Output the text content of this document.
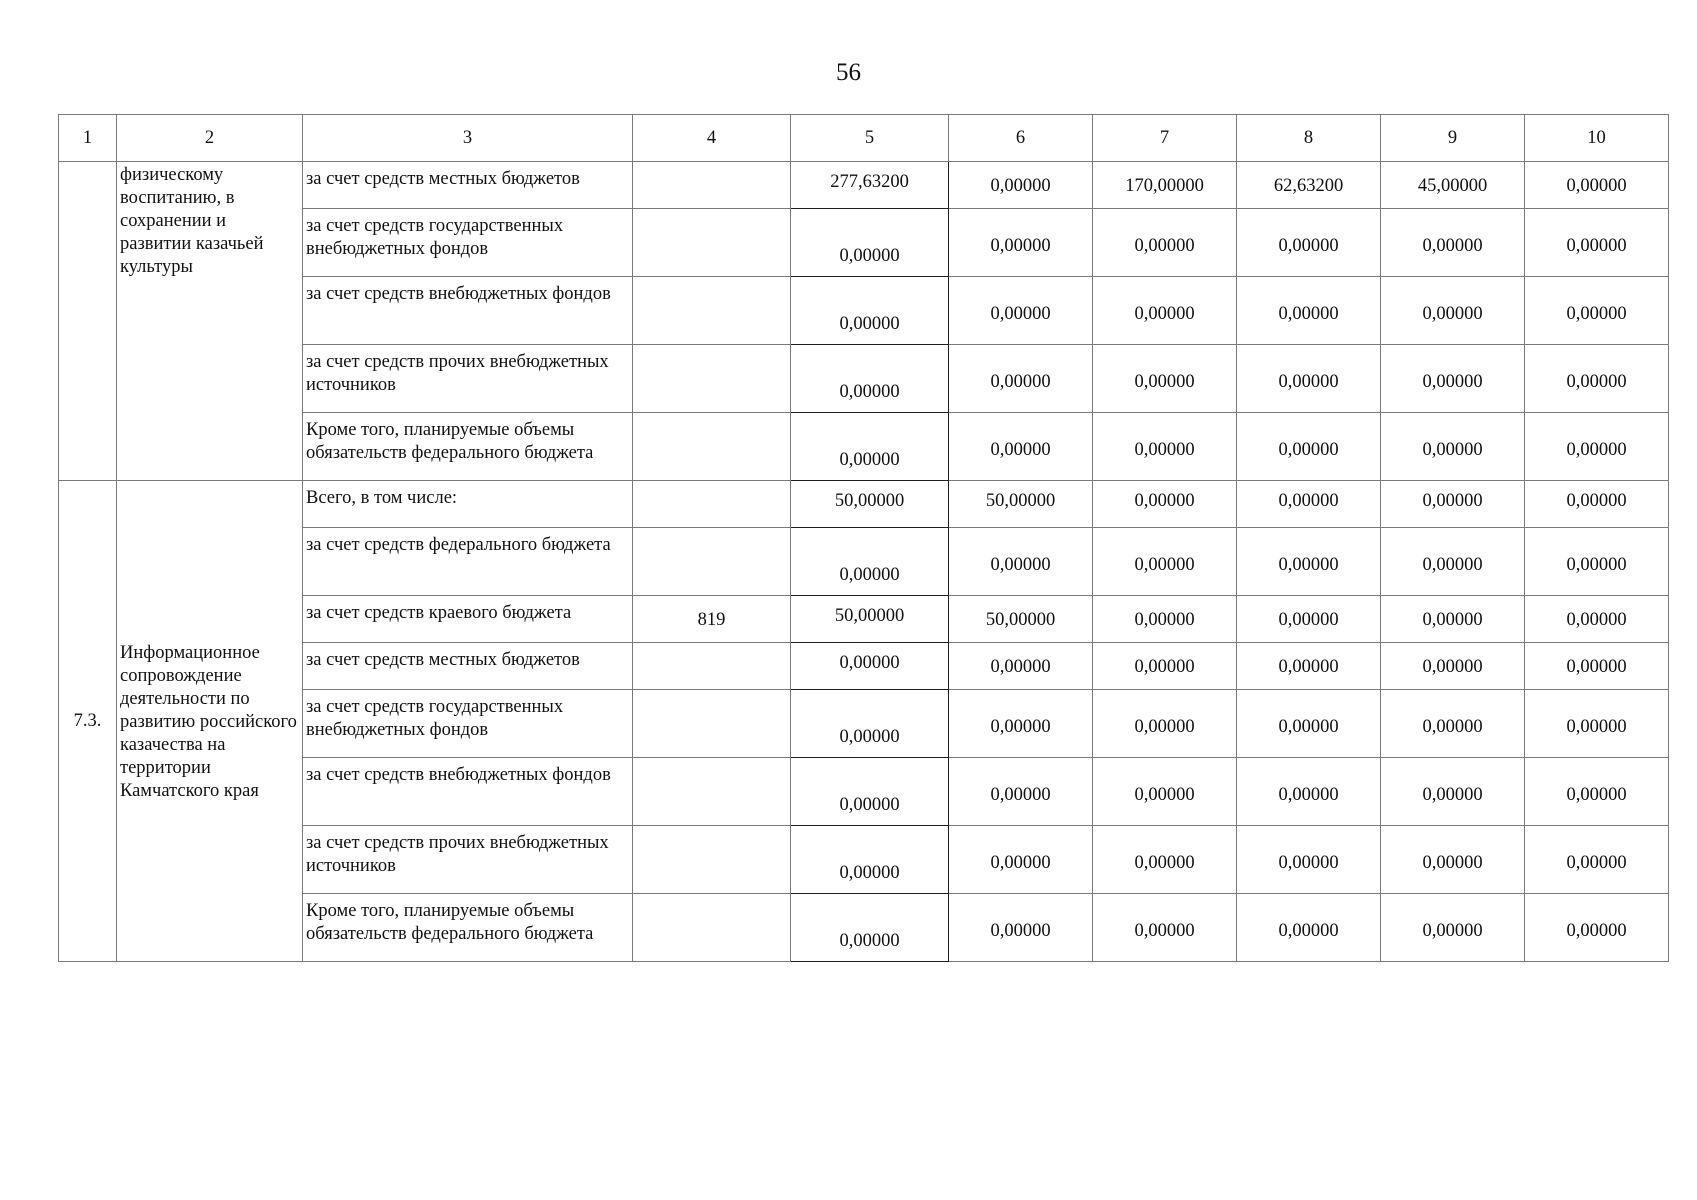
56
1	2	3	4	5	6	7	8	9	10
	физическому воспитанию, в сохранении и развитии казачьей культуры	за счет средств местных бюджетов		277,63200	0,00000	170,00000	62,63200	45,00000	0,00000
		за счет средств государственных внебюджетных фондов		0,00000	0,00000	0,00000	0,00000	0,00000	0,00000
		за счет средств внебюджетных фондов		0,00000	0,00000	0,00000	0,00000	0,00000	0,00000
		за счет средств прочих внебюджетных источников		0,00000	0,00000	0,00000	0,00000	0,00000	0,00000
		Кроме того, планируемые объемы обязательств федерального бюджета		0,00000	0,00000	0,00000	0,00000	0,00000	0,00000
7.3.	Информационное сопровождение деятельности по развитию российского казачества на территории Камчатского края	Всего, в том числе:		50,00000	50,00000	0,00000	0,00000	0,00000	0,00000
		за счет средств федерального бюджета		0,00000	0,00000	0,00000	0,00000	0,00000	0,00000
		за счет средств краевого бюджета	819	50,00000	50,00000	0,00000	0,00000	0,00000	0,00000
		за счет средств местных бюджетов		0,00000	0,00000	0,00000	0,00000	0,00000	0,00000
		за счет средств государственных внебюджетных фондов		0,00000	0,00000	0,00000	0,00000	0,00000	0,00000
		за счет средств внебюджетных фондов		0,00000	0,00000	0,00000	0,00000	0,00000	0,00000
		за счет средств прочих внебюджетных источников		0,00000	0,00000	0,00000	0,00000	0,00000	0,00000
		Кроме того, планируемые объемы обязательств федерального бюджета		0,00000	0,00000	0,00000	0,00000	0,00000	0,00000
